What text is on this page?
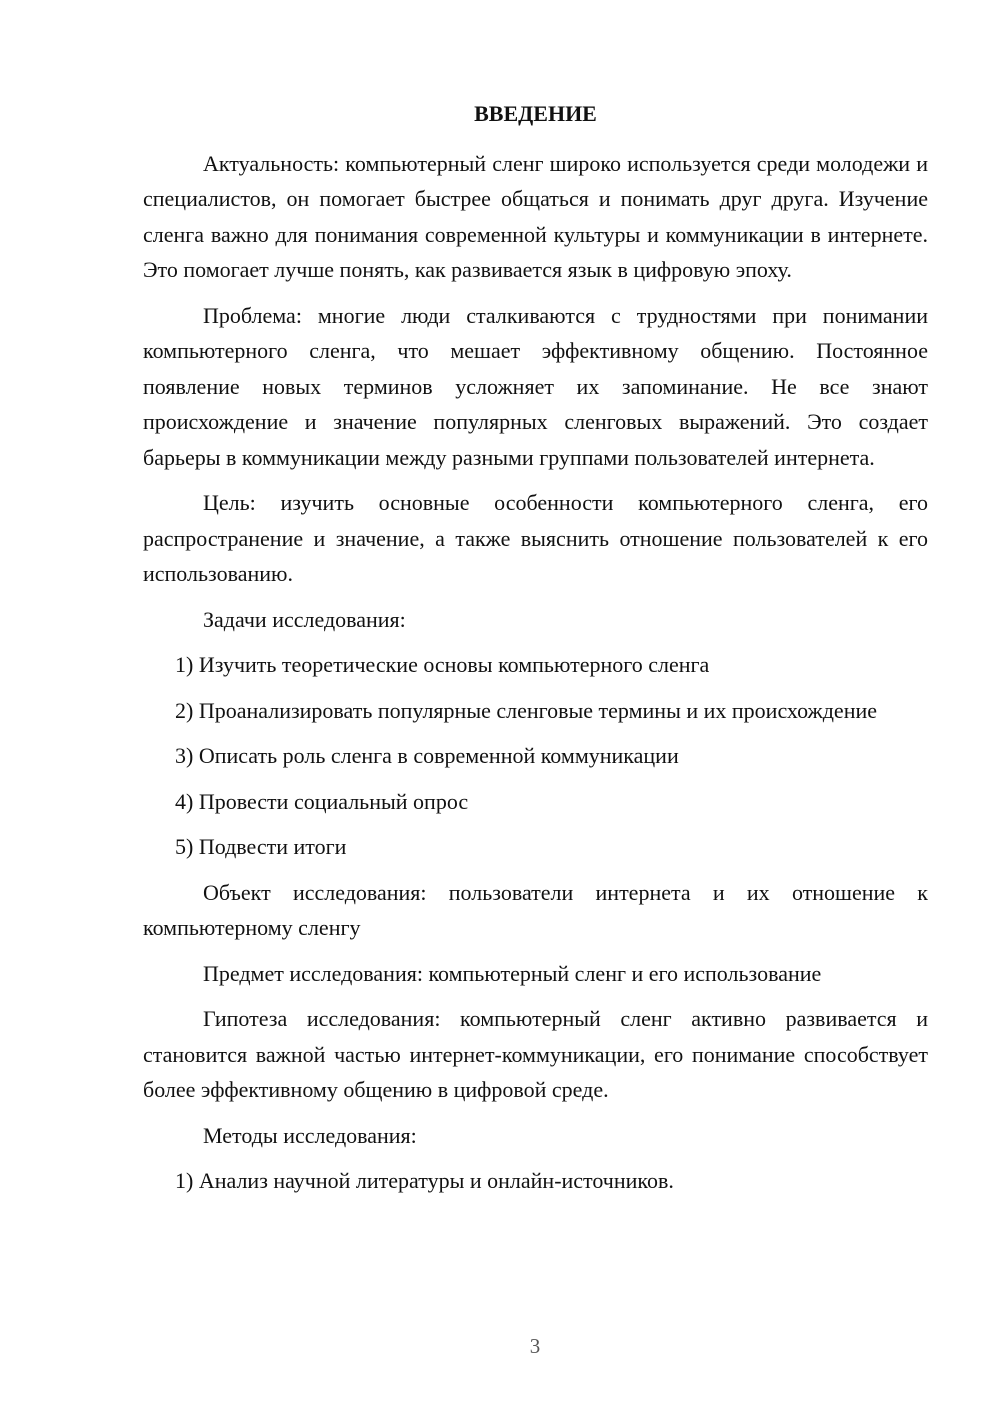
ВВЕДЕНИЕ

Актуальность: компьютерный сленг широко используется среди молодежи и специалистов, он помогает быстрее общаться и понимать друг друга. Изучение сленга важно для понимания современной культуры и коммуникации в интернете. Это помогает лучше понять, как развивается язык в цифровую эпоху.

Проблема: многие люди сталкиваются с трудностями при понимании компьютерного сленга, что мешает эффективному общению. Постоянное появление новых терминов усложняет их запоминание. Не все знают происхождение и значение популярных сленговых выражений. Это создает барьеры в коммуникации между разными группами пользователей интернета.

Цель: изучить основные особенности компьютерного сленга, его распространение и значение, а также выяснить отношение пользователей к его использованию.

Задачи исследования:

1) Изучить теоретические основы компьютерного сленга

2) Проанализировать популярные сленговые термины и их происхождение

3) Описать роль сленга в современной коммуникации

4) Провести социальный опрос

5) Подвести итоги

Объект исследования: пользователи интернета и их отношение к компьютерному сленгу

Предмет исследования: компьютерный сленг и его использование

Гипотеза исследования: компьютерный сленг активно развивается и становится важной частью интернет-коммуникации, его понимание способствует более эффективному общению в цифровой среде.

Методы исследования:

1) Анализ научной литературы и онлайн-источников.

3
